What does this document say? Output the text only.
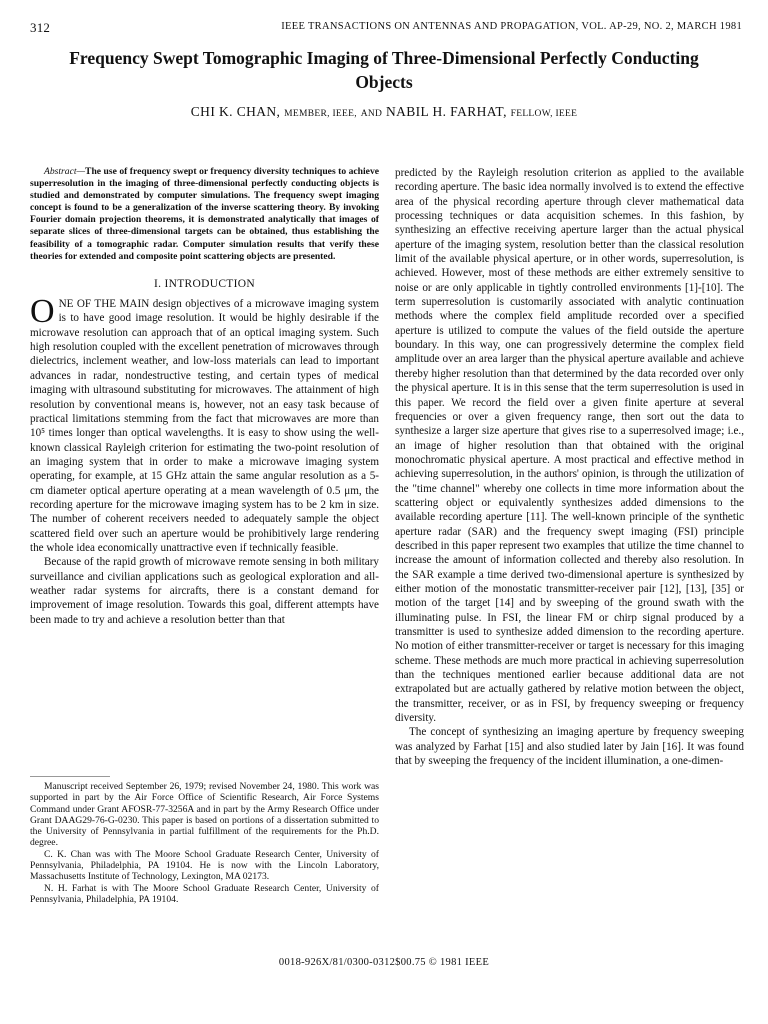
312	IEEE TRANSACTIONS ON ANTENNAS AND PROPAGATION, VOL. AP-29, NO. 2, MARCH 1981
Frequency Swept Tomographic Imaging of Three-Dimensional Perfectly Conducting Objects
CHI K. CHAN, MEMBER, IEEE, AND NABIL H. FARHAT, FELLOW, IEEE

Abstract—The use of frequency swept or frequency diversity techniques to achieve superresolution in the imaging of three-dimensional perfectly conducting objects is studied and demonstrated by computer simulations. The frequency swept imaging concept is found to be a generalization of the inverse scattering theory. By invoking Fourier domain projection theorems, it is demonstrated analytically that images of separate slices of three-dimensional targets can be obtained, thus establishing the feasibility of a tomographic radar. Computer simulation results that verify these theories for extended and composite point scattering objects are presented.

I. INTRODUCTION

ONE OF THE MAIN design objectives of a microwave imaging system is to have good image resolution. It would be highly desirable if the microwave resolution can approach that of an optical imaging system. Such high resolution coupled with the excellent penetration of microwaves through dielectrics, inclement weather, and low-loss materials can lead to important advances in radar, nondestructive testing, and certain types of medical imaging with ultrasound substituting for microwaves. The attainment of high resolution by conventional means is, however, not an easy task because of practical limitations stemming from the fact that microwaves are more than 10⁵ times longer than optical wavelengths. It is easy to show using the well-known classical Rayleigh criterion for estimating the two-point resolution of an imaging system that in order to make a microwave imaging system operating, for example, at 15 GHz attain the same angular resolution as a 5-cm diameter optical aperture operating at a mean wavelength of 0.5 μm, the recording aperture for the microwave imaging system has to be 2 km in size. The number of coherent receivers needed to adequately sample the object scattered field over such an aperture would be prohibitively large rendering the whole idea economically unattractive even if technically feasible.

Because of the rapid growth of microwave remote sensing in both military surveillance and civilian applications such as geological exploration and all-weather radar systems for aircrafts, there is a constant demand for improvement of image resolution. Towards this goal, different attempts have been made to try and achieve a resolution better than that

Manuscript received September 26, 1979; revised November 24, 1980. This work was supported in part by the Air Force Office of Scientific Research, Air Force Systems Command under Grant AFOSR-77-3256A and in part by the Army Research Office under Grant DAAG29-76-G-0230. This paper is based on portions of a dissertation submitted to the University of Pennsylvania in partial fulfillment of the requirements for the Ph.D. degree.

C. K. Chan was with The Moore School Graduate Research Center, University of Pennsylvania, Philadelphia, PA 19104. He is now with the Lincoln Laboratory, Massachusetts Institute of Technology, Lexington, MA 02173.

N. H. Farhat is with The Moore School Graduate Research Center, University of Pennsylvania, Philadelphia, PA 19104.

predicted by the Rayleigh resolution criterion as applied to the available recording aperture. The basic idea normally involved is to extend the effective area of the physical recording aperture through clever mathematical data processing techniques or data acquisition schemes. In this fashion, by synthesizing an effective receiving aperture larger than the actual physical aperture of the imaging system, resolution better than the classical resolution limit of the available physical aperture, or in other words, superresolution, is achieved. However, most of these methods are either extremely sensitive to noise or are only applicable in tightly controlled environments [1]-[10]. The term superresolution is customarily associated with analytic continuation methods where the complex field amplitude recorded over a specified aperture is utilized to compute the values of the field outside the aperture boundary. In this way, one can progressively determine the complex field amplitude over an area larger than the physical aperture available and achieve thereby higher resolution than that determined by the data recorded over only the physical aperture. It is in this sense that the term superresolution is used in this paper. We record the field over a given finite aperture at several frequencies or over a given frequency range, then sort out the data to synthesize a larger size aperture that gives rise to a superresolved image; i.e., an image of higher resolution than that obtained with the original monochromatic physical aperture. A most practical and effective method in achieving superresolution, in the authors' opinion, is through the utilization of the "time channel" whereby one collects in time more information about the scattering object or equivalently synthesizes added dimensions to the available recording aperture [11]. The well-known principle of the synthetic aperture radar (SAR) and the frequency swept imaging (FSI) principle described in this paper represent two examples that utilize the time channel to increase the amount of information collected and thereby also resolution. In the SAR example a time derived two-dimensional aperture is synthesized by either motion of the monostatic transmitter-receiver pair [12], [13], [35] or motion of the target [14] and by sweeping of the ground swath with the illuminating pulse. In FSI, the linear FM or chirp signal produced by a transmitter is used to synthesize added dimension to the recording aperture. No motion of either transmitter-receiver or target is necessary for this imaging scheme. These methods are much more practical in achieving superresolution than the techniques mentioned earlier because additional data are not extrapolated but are actually gathered by relative motion between the object, the transmitter, receiver, or as in FSI, by frequency sweeping or frequency diversity.

The concept of synthesizing an imaging aperture by frequency sweeping was analyzed by Farhat [15] and also studied later by Jain [16]. It was found that by sweeping the frequency of the incident illumination, a one-dimen-

0018-926X/81/0300-0312$00.75 © 1981 IEEE
